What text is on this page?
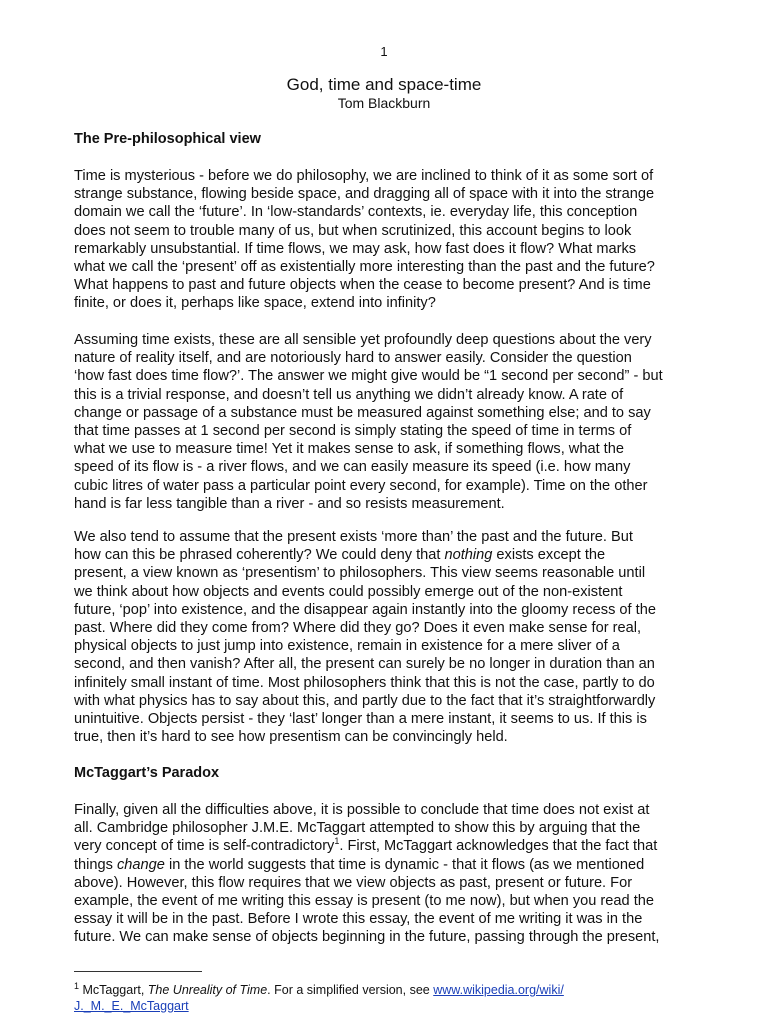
1
God, time and space-time
Tom Blackburn
The Pre-philosophical view
Time is mysterious - before we do philosophy, we are inclined to think of it as some sort of
strange substance, flowing beside space, and dragging all of space with it into the strange
domain we call the ‘future’. In ‘low-standards’ contexts, ie. everyday life, this conception
does not seem to trouble many of us, but when scrutinized, this account begins to look
remarkably unsubstantial. If time flows, we may ask, how fast does it flow? What marks
what we call the ‘present’ off as existentially more interesting than the past and the future?
What happens to past and future objects when the cease to become present? And is time
finite, or does it, perhaps like space, extend into infinity?
Assuming time exists, these are all sensible yet profoundly deep questions about the very
nature of reality itself, and are notoriously hard to answer easily. Consider the question
‘how fast does time flow?’. The answer we might give would be “1 second per second” - but
this is a trivial response, and doesn’t tell us anything we didn’t already know. A rate of
change or passage of a substance must be measured against something else; and to say
that time passes at 1 second per second is simply stating the speed of time in terms of
what we use to measure time! Yet it makes sense to ask, if something flows, what the
speed of its flow is - a river flows, and we can easily measure its speed (i.e. how many
cubic litres of water pass a particular point every second, for example). Time on the other
hand is far less tangible than a river - and so resists measurement.
We also tend to assume that the present exists ‘more than’ the past and the future. But
how can this be phrased coherently? We could deny that nothing exists except the
present, a view known as ‘presentism’ to philosophers. This view seems reasonable until
we think about how objects and events could possibly emerge out of the non-existent
future, ‘pop’ into existence, and the disappear again instantly into the gloomy recess of the
past. Where did they come from? Where did they go? Does it even make sense for real,
physical objects to just jump into existence, remain in existence for a mere sliver of a
second, and then vanish? After all, the present can surely be no longer in duration than an
infinitely small instant of time. Most philosophers think that this is not the case, partly to do
with what physics has to say about this, and partly due to the fact that it’s straightforwardly
unintuitive. Objects persist - they ‘last’ longer than a mere instant, it seems to us. If this is
true, then it’s hard to see how presentism can be convincingly held.
McTaggart’s Paradox
Finally, given all the difficulties above, it is possible to conclude that time does not exist at
all. Cambridge philosopher J.M.E. McTaggart attempted to show this by arguing that the
very concept of time is self-contradictory$^1$. First, McTaggart acknowledges that the fact that
things change in the world suggests that time is dynamic - that it flows (as we mentioned
above). However, this flow requires that we view objects as past, present or future. For
example, the event of me writing this essay is present (to me now), but when you read the
essay it will be in the past. Before I wrote this essay, the event of me writing it was in the
future. We can make sense of objects beginning in the future, passing through the present,
$^1$ McTaggart, The Unreality of Time. For a simplified version, see www.wikipedia.org/wiki/
J._M._E._McTaggart
